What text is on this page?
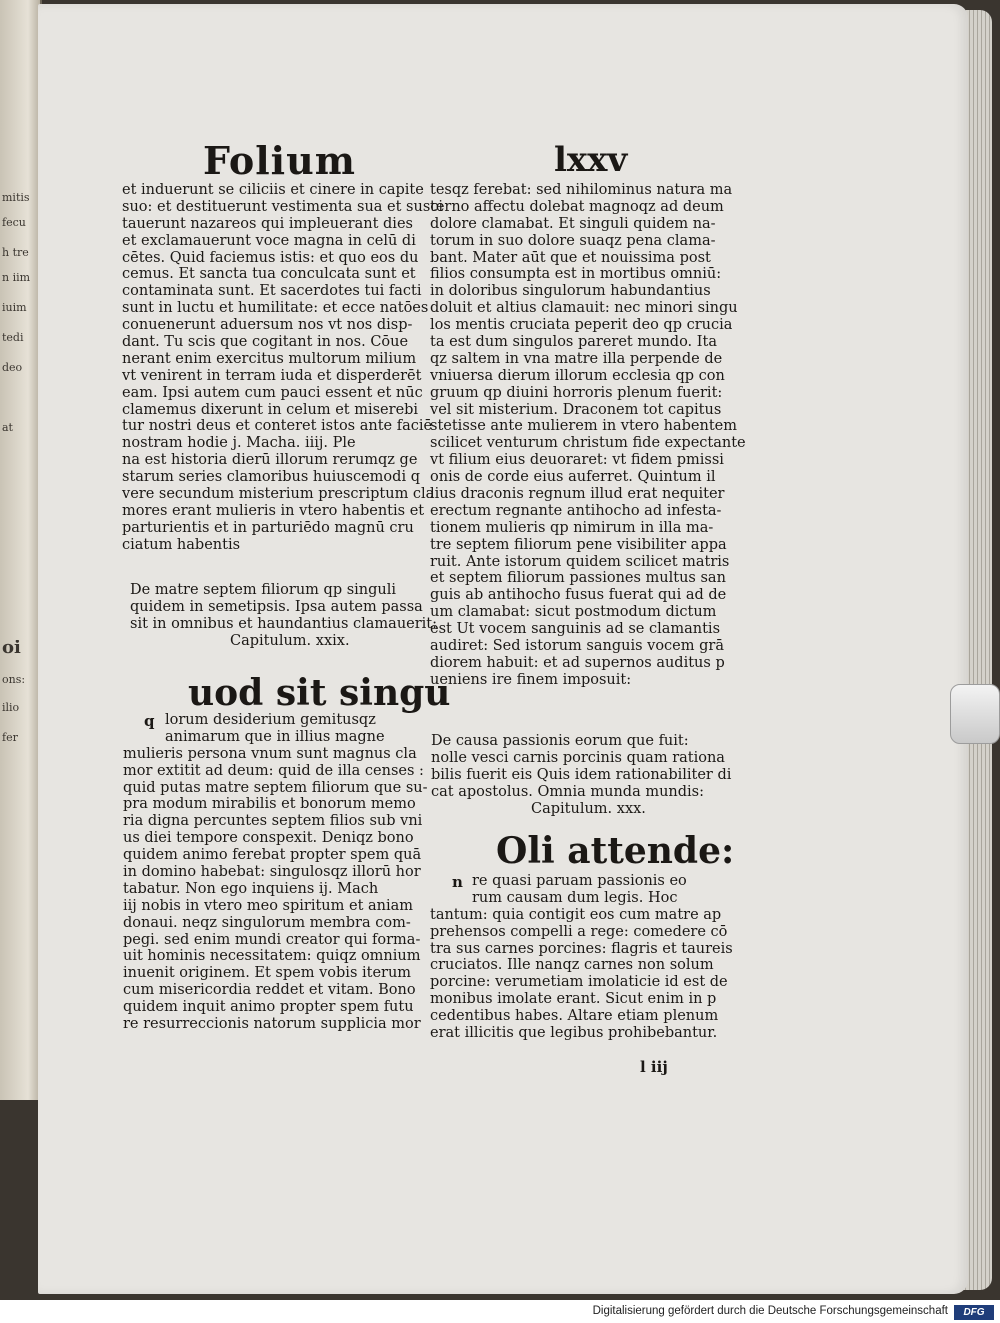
mitis
fecu
h tre
n iim
iuim
tedi
deo
at
oi
ons:
ilio
fer
Folium	lxxv
et induerunt se ciliciis et cinere in capite
suo: et destituerunt vestimenta sua et susci
tauerunt nazareos qui impleuerant dies
et exclamauerunt voce magna in celū di
cētes. Quid faciemus istis: et quo eos du
cemus. Et sancta tua conculcata sunt et
contaminata sunt. Et sacerdotes tui facti
sunt in luctu et humilitate: et ecce natōes
conuenerunt aduersum nos vt nos disp-
dant. Tu scis que cogitant in nos. Cōue
nerant enim exercitus multorum milium
vt venirent in terram iuda et disperderēt
eam. Ipsi autem cum pauci essent et nūc
clamemus dixerunt in celum et miserebi
tur nostri deus et conteret istos ante faciē
nostram hodie j. Macha. iiij. Ple
na est historia dierū illorum rerumqz ge
starum series clamoribus huiuscemodi q
vere secundum misterium prescriptum cla
mores erant mulieris in vtero habentis et
parturientis et in parturiēdo magnū cru
ciatum habentis
De matre septem filiorum qp singuli
quidem in semetipsis. Ipsa autem passa
sit in omnibus et haundantius clamauerit:
Capitulum. xxix.
uod sit singu
q lorum desiderium gemitusqz
animarum que in illius magne
mulieris persona vnum sunt magnus cla
mor extitit ad deum: quid de illa censes :
quid putas matre septem filiorum que su-
pra modum mirabilis et bonorum memo
ria digna percuntes septem filios sub vni
us diei tempore conspexit. Deniqz bono
quidem animo ferebat propter spem quā
in domino habebat: singulosqz illorū hor
tabatur. Non ego inquiens ij. Mach
iij nobis in vtero meo spiritum et aniam
donaui. neqz singulorum membra com-
pegi. sed enim mundi creator qui forma-
uit hominis necessitatem: quiqz omnium
inuenit originem. Et spem vobis iterum
cum misericordia reddet et vitam. Bono
quidem inquit animo propter spem futu
re resurreccionis natorum supplicia mor
tesqz ferebat: sed nihilominus natura ma
terno affectu dolebat magnoqz ad deum
dolore clamabat. Et singuli quidem na-
torum in suo dolore suaqz pena clama-
bant. Mater aūt que et nouissima post
filios consumpta est in mortibus omniū:
in doloribus singulorum habundantius
doluit et altius clamauit: nec minori singu
los mentis cruciata peperit deo qp crucia
ta est dum singulos pareret mundo. Ita
qz saltem in vna matre illa perpende de
vniuersa dierum illorum ecclesia qp con
gruum qp diuini horroris plenum fuerit:
vel sit misterium. Draconem tot capitus
stetisse ante mulierem in vtero habentem
scilicet venturum christum fide expectante
vt filium eius deuoraret: vt fidem pmissi
onis de corde eius auferret. Quintum il
lius draconis regnum illud erat nequiter
erectum regnante antihocho ad infesta-
tionem mulieris qp nimirum in illa ma-
tre septem filiorum pene visibiliter appa
ruit. Ante istorum quidem scilicet matris
et septem filiorum passiones multus san
guis ab antihocho fusus fuerat qui ad de
um clamabat: sicut postmodum dictum
est Ut vocem sanguinis ad se clamantis
audiret: Sed istorum sanguis vocem grā
diorem habuit: et ad supernos auditus p
ueniens ire finem imposuit:
De causa passionis eorum que fuit:
nolle vesci carnis porcinis quam rationa
bilis fuerit eis Quis idem rationabiliter di
cat apostolus. Omnia munda mundis:
Capitulum. xxx.
Oli attende:
n re quasi paruam passionis eo
rum causam dum legis. Hoc
tantum: quia contigit eos cum matre ap
prehensos compelli a rege: comedere cō
tra sus carnes porcines: flagris et taureis
cruciatos. Ille nanqz carnes non solum
porcine: verumetiam imolaticie id est de
monibus imolate erant. Sicut enim in p
cedentibus habes. Altare etiam plenum
erat illicitis que legibus prohibebantur.
l iij
Digitalisierung gefördert durch die Deutsche Forschungsgemeinschaft	DFG
